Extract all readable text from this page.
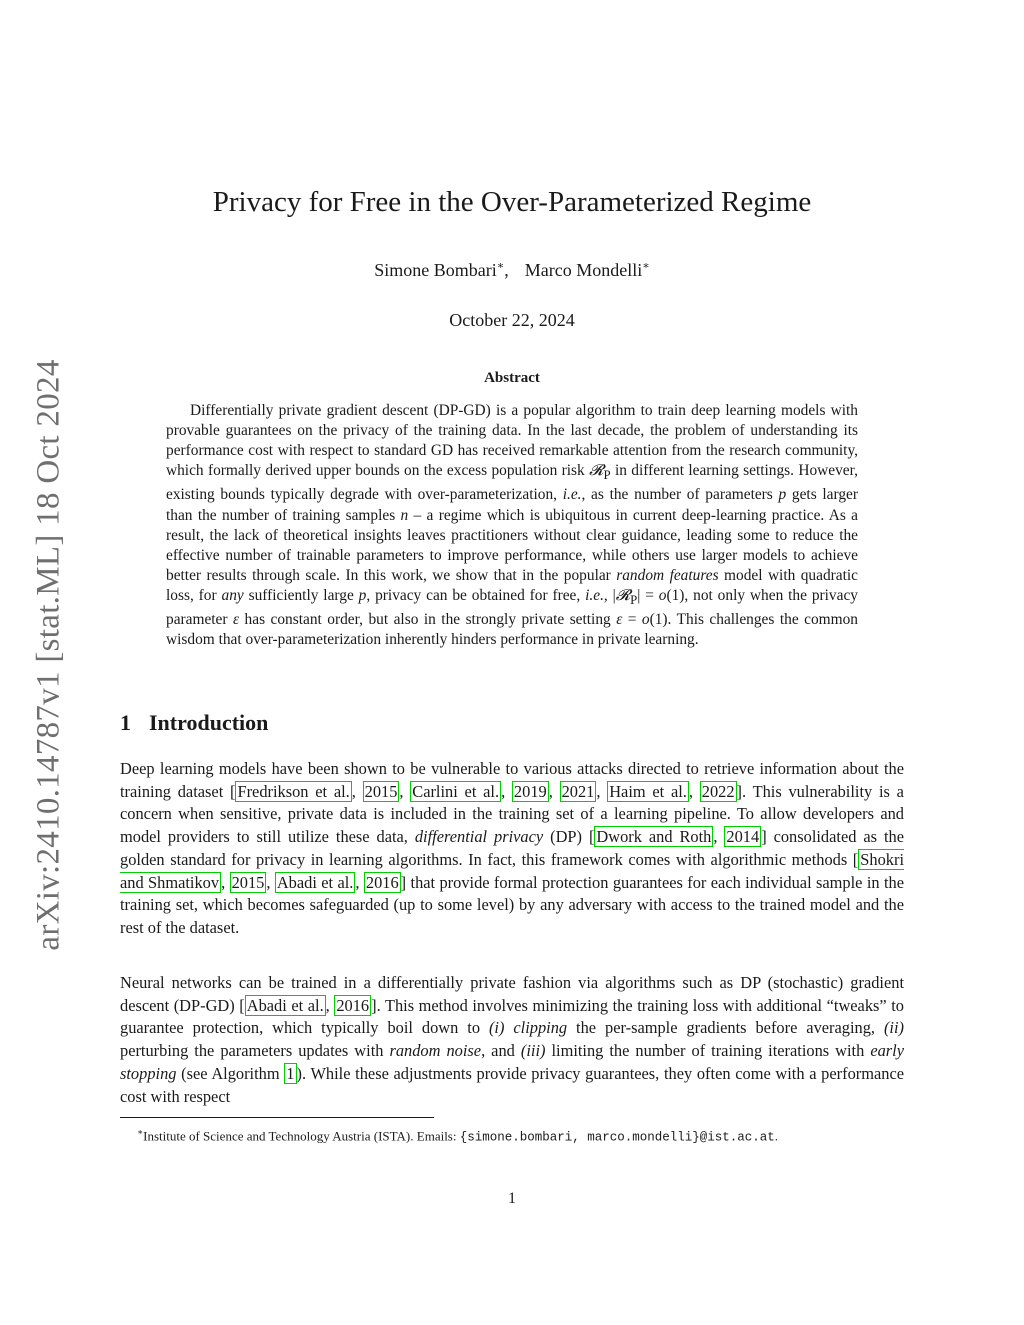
arXiv:2410.14787v1 [stat.ML] 18 Oct 2024
Privacy for Free in the Over-Parameterized Regime
Simone Bombari∗, Marco Mondelli∗
October 22, 2024
Abstract

Differentially private gradient descent (DP-GD) is a popular algorithm to train deep learning models with provable guarantees on the privacy of the training data. In the last decade, the problem of understanding its performance cost with respect to standard GD has received remarkable attention from the research community, which formally derived upper bounds on the excess population risk 𝓡$_P$ in different learning settings. However, existing bounds typically degrade with over-parameterization, i.e., as the number of parameters p gets larger than the number of training samples n – a regime which is ubiquitous in current deep-learning practice. As a result, the lack of theoretical insights leaves practitioners without clear guidance, leading some to reduce the effective number of trainable parameters to improve performance, while others use larger models to achieve better results through scale. In this work, we show that in the popular random features model with quadratic loss, for any sufficiently large p, privacy can be obtained for free, i.e., |𝓡$_P$| = o(1), not only when the privacy parameter ε has constant order, but also in the strongly private setting ε = o(1). This challenges the common wisdom that over-parameterization inherently hinders performance in private learning.

1 Introduction

Deep learning models have been shown to be vulnerable to various attacks directed to retrieve information about the training dataset [ Fredrikson et al. , 2015 , Carlini et al. , 2019 , 2021 , Haim et al. , 2022 ]. This vulnerability is a concern when sensitive, private data is included in the training set of a learning pipeline. To allow developers and model providers to still utilize these data, differential privacy (DP) [ Dwork and Roth , 2014 ] consolidated as the golden standard for privacy in learning algorithms. In fact, this framework comes with algorithmic methods [ Shokri and Shmatikov , 2015 , Abadi et al. , 2016 ] that provide formal protection guarantees for each individual sample in the training set, which becomes safeguarded (up to some level) by any adversary with access to the trained model and the rest of the dataset.

Neural networks can be trained in a differentially private fashion via algorithms such as DP (stochastic) gradient descent (DP-GD) [ Abadi et al. , 2016 ]. This method involves minimizing the training loss with additional “tweaks” to guarantee protection, which typically boil down to (i) clipping the per-sample gradients before averaging, (ii) perturbing the parameters updates with random noise, and (iii) limiting the number of training iterations with early stopping (see Algorithm 1 ). While these adjustments provide privacy guarantees, they often come with a performance cost with respect

∗Institute of Science and Technology Austria (ISTA). Emails: {simone.bombari, marco.mondelli}@ist.ac.at.
1
